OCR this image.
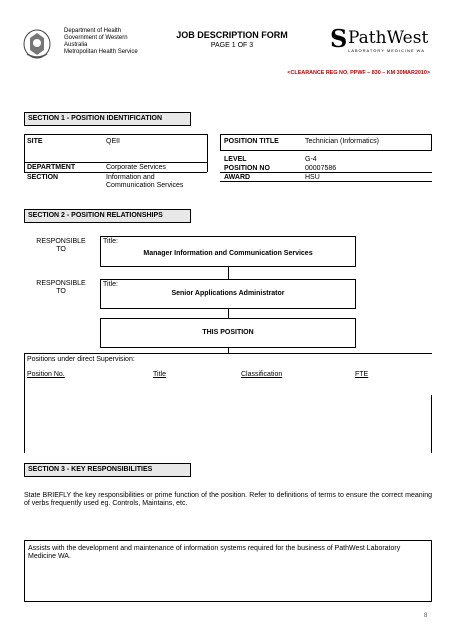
Department of Health
Government of Western
Australia
Metropolitan Health Service
JOB DESCRIPTION FORM
PAGE 1 OF 3	S PathWest
LABORATORY MEDICINE WA
<CLEARANCE REG NO. PPWF – 830 – KM 30MAR2010>
SECTION 1 - POSITION IDENTIFICATION
SITE	QEII
DEPARTMENT	Corporate Services
SECTION	Information and
Communication Services
POSITION TITLE	Technician (Informatics)
LEVEL	G-4
POSITION NO	00007586
AWARD	HSU
SECTION 2 - POSITION RELATIONSHIPS
RESPONSIBLE
TO
Title:
Manager Information and Communication Services
RESPONSIBLE
TO
Title:
Senior Applications Administrator
THIS POSITION
Positions under direct Supervision:
Position No.	Title	Classification	FTE
SECTION 3 - KEY RESPONSIBILITIES
State BRIEFLY the key responsibilities or prime function of the position. Refer to definitions of terms to ensure the correct meaning of verbs frequently used eg. Controls, Maintains, etc.
Assists with the development and maintenance of information systems required for the business of PathWest Laboratory Medicine WA.
8
